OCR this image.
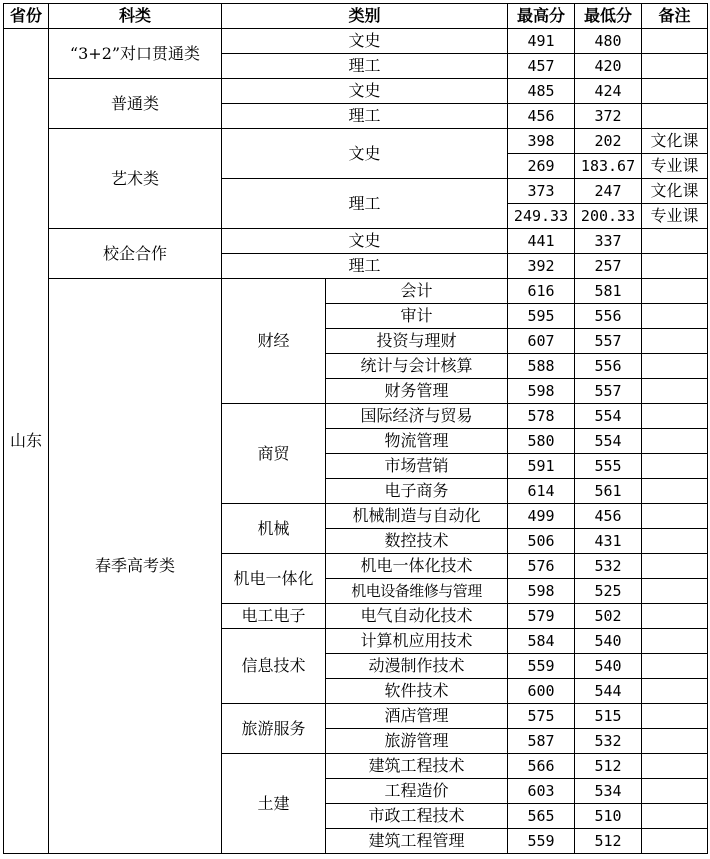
省份	科类	类别		最高分	最低分	备注
山东	“3+2”对口贯通类	文史		491	480	
		理工		457	420	
	普通类	文史		485	424	
		理工		456	372	
	艺术类	文史		398	202	文化课
				269	183.67	专业课
		理工		373	247	文化课
				249.33	200.33	专业课
	校企合作	文史		441	337	
		理工		392	257	
	春季高考类	财经	会计	616	581	
			审计	595	556	
			投资与理财	607	557	
			统计与会计核算	588	556	
			财务管理	598	557	
		商贸	国际经济与贸易	578	554	
			物流管理	580	554	
			市场营销	591	555	
			电子商务	614	561	
		机械	机械制造与自动化	499	456	
			数控技术	506	431	
		机电一体化	机电一体化技术	576	532	
			机电设备维修与管理	598	525	
		电工电子	电气自动化技术	579	502	
		信息技术	计算机应用技术	584	540	
			动漫制作技术	559	540	
			软件技术	600	544	
		旅游服务	酒店管理	575	515	
			旅游管理	587	532	
		土建	建筑工程技术	566	512	
			工程造价	603	534	
			市政工程技术	565	510	
			建筑工程管理	559	512	
